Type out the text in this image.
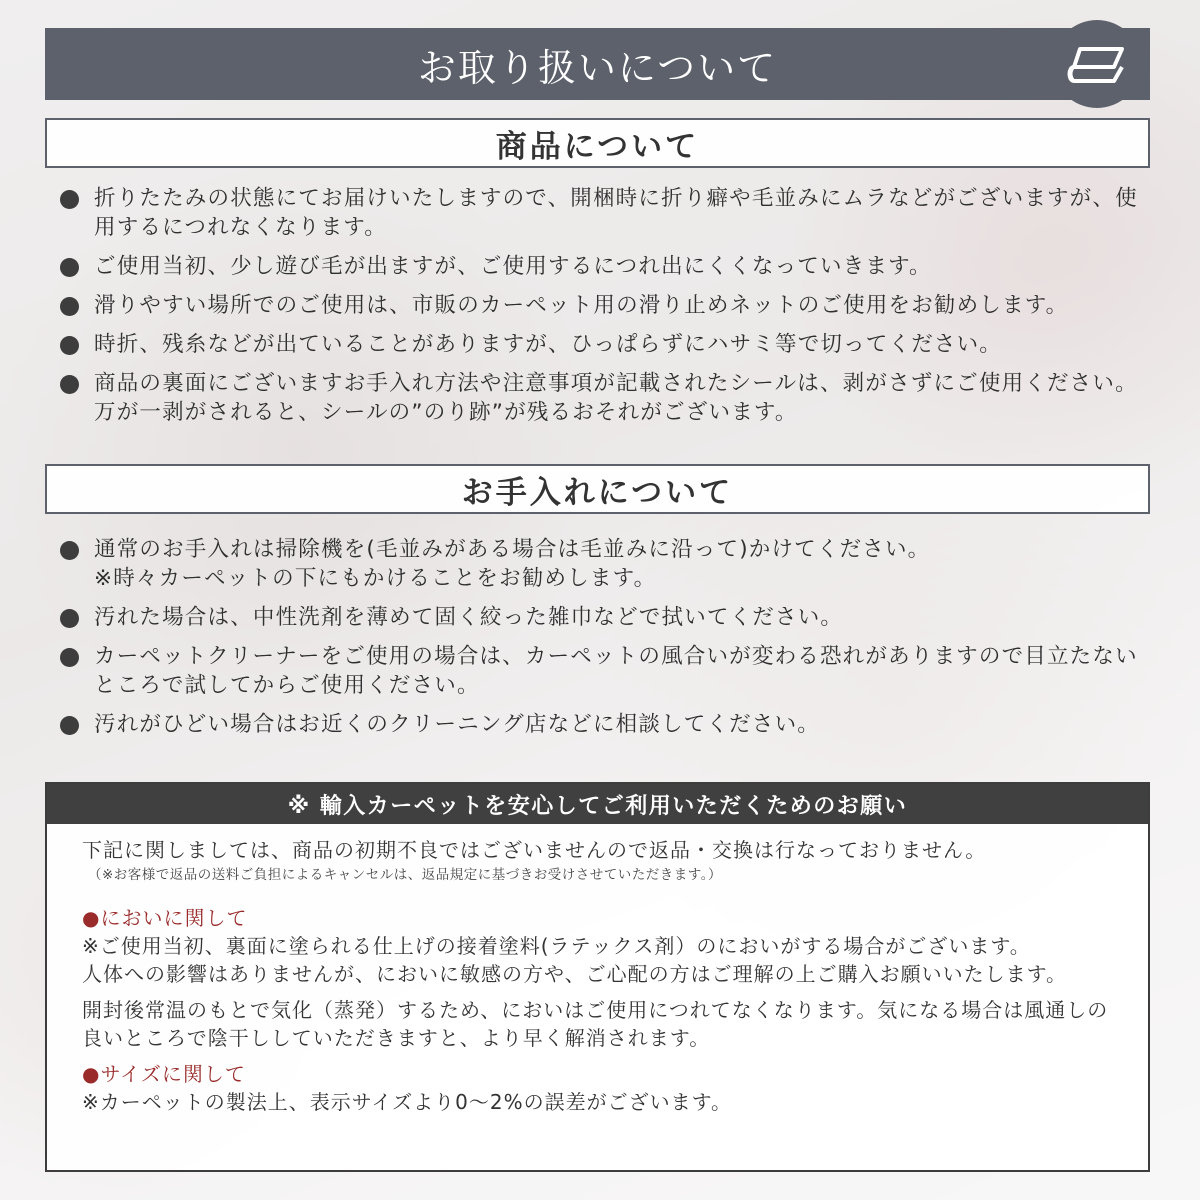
お取り扱いについて
商品について
折りたたみの状態にてお届けいたしますので、開梱時に折り癖や毛並みにムラなどがございますが、使用するにつれなくなります。
ご使用当初、少し遊び毛が出ますが、ご使用するにつれ出にくくなっていきます。
滑りやすい場所でのご使用は、市販のカーペット用の滑り止めネットのご使用をお勧めします。
時折、残糸などが出ていることがありますが、ひっぱらずにハサミ等で切ってください。
商品の裏面にございますお手入れ方法や注意事項が記載されたシールは、剥がさずにご使用ください。万が一剥がされると、シールの”のり跡”が残るおそれがございます。
お手入れについて
通常のお手入れは掃除機を(毛並みがある場合は毛並みに沿って)かけてください。
※時々カーペットの下にもかけることをお勧めします。
汚れた場合は、中性洗剤を薄めて固く絞った雑巾などで拭いてください。
カーペットクリーナーをご使用の場合は、カーペットの風合いが変わる恐れがありますので目立たないところで試してからご使用ください。
汚れがひどい場合はお近くのクリーニング店などに相談してください。
※ 輸入カーペットを安心してご利用いただくためのお願い
下記に関しましては、商品の初期不良ではございませんので返品・交換は行なっておりません。
（※お客様で返品の送料ご負担によるキャンセルは、返品規定に基づきお受けさせていただきます。）
●においに関して
※ご使用当初、裏面に塗られる仕上げの接着塗料(ラテックス剤）のにおいがする場合がございます。
人体への影響はありませんが、においに敏感の方や、ご心配の方はご理解の上ご購入お願いいたします。
開封後常温のもとで気化（蒸発）するため、においはご使用につれてなくなります。気になる場合は風通しの良いところで陰干ししていただきますと、より早く解消されます。
●サイズに関して
※カーペットの製法上、表示サイズより0〜2%の誤差がございます。
